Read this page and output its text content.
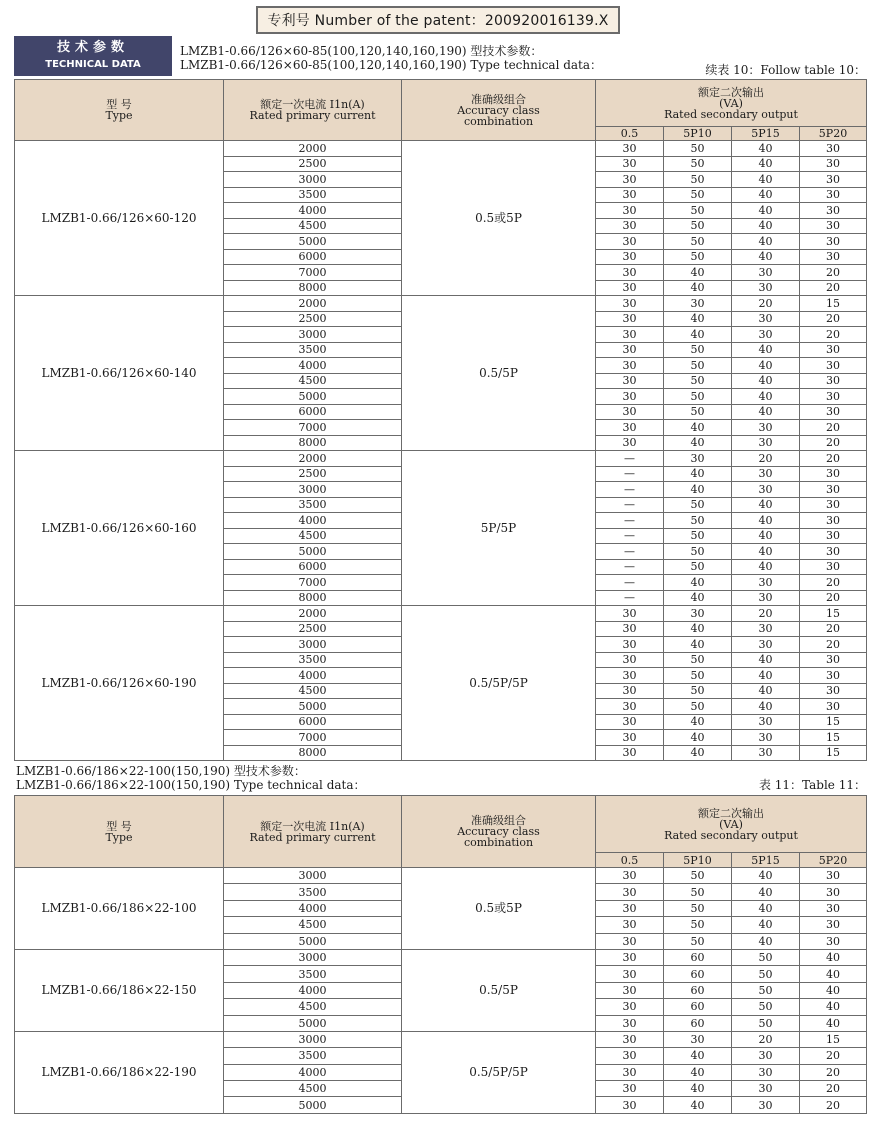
专利号 Number of the patent：200920016139.X
技术参数
TECHNICAL DATA
LMZB1-0.66/126×60-85(100,120,140,160,190) 型技术参数：
LMZB1-0.66/126×60-85(100,120,140,160,190) Type technical data：	续表 10：Follow table 10：
型 号
Type	额定一次电流 I1n(A)
Rated primary current	准确级组合
Accuracy class
combination	额定二次输出
(VA)
Rated secondary output			

			0.5	5P10	5P15	5P20
LMZB1-0.66/126×60-120	2000	0.5或5P	30	50	40	30
	2500		30	50	40	30
	3000		30	50	40	30
	3500		30	50	40	30
	4000		30	50	40	30
	4500		30	50	40	30
	5000		30	50	40	30
	6000		30	50	40	30
	7000		30	40	30	20
	8000		30	40	30	20
LMZB1-0.66/126×60-140	2000	0.5/5P	30	30	20	15
	2500		30	40	30	20
	3000		30	40	30	20
	3500		30	50	40	30
	4000		30	50	40	30
	4500		30	50	40	30
	5000		30	50	40	30
	6000		30	50	40	30
	7000		30	40	30	20
	8000		30	40	30	20
LMZB1-0.66/126×60-160	2000	5P/5P	—	30	20	20
	2500		—	40	30	30
	3000		—	40	30	30
	3500		—	50	40	30
	4000		—	50	40	30
	4500		—	50	40	30
	5000		—	50	40	30
	6000		—	50	40	30
	7000		—	40	30	20
	8000		—	40	30	20
LMZB1-0.66/126×60-190	2000	0.5/5P/5P	30	30	20	15
	2500		30	40	30	20
	3000		30	40	30	20
	3500		30	50	40	30
	4000		30	50	40	30
	4500		30	50	40	30
	5000		30	50	40	30
	6000		30	40	30	15
	7000		30	40	30	15
	8000		30	40	30	15
LMZB1-0.66/186×22-100(150,190) 型技术参数：
LMZB1-0.66/186×22-100(150,190) Type technical data：	表 11：Table 11：
型 号
Type	额定一次电流 I1n(A)
Rated primary current	准确级组合
Accuracy class
combination	额定二次输出
(VA)
Rated secondary output			

			0.5	5P10	5P15	5P20
LMZB1-0.66/186×22-100	3000	0.5或5P	30	50	40	30
	3500		30	50	40	30
	4000		30	50	40	30
	4500		30	50	40	30
	5000		30	50	40	30
LMZB1-0.66/186×22-150	3000	0.5/5P	30	60	50	40
	3500		30	60	50	40
	4000		30	60	50	40
	4500		30	60	50	40
	5000		30	60	50	40
LMZB1-0.66/186×22-190	3000	0.5/5P/5P	30	30	20	15
	3500		30	40	30	20
	4000		30	40	30	20
	4500		30	40	30	20
	5000		30	40	30	20
